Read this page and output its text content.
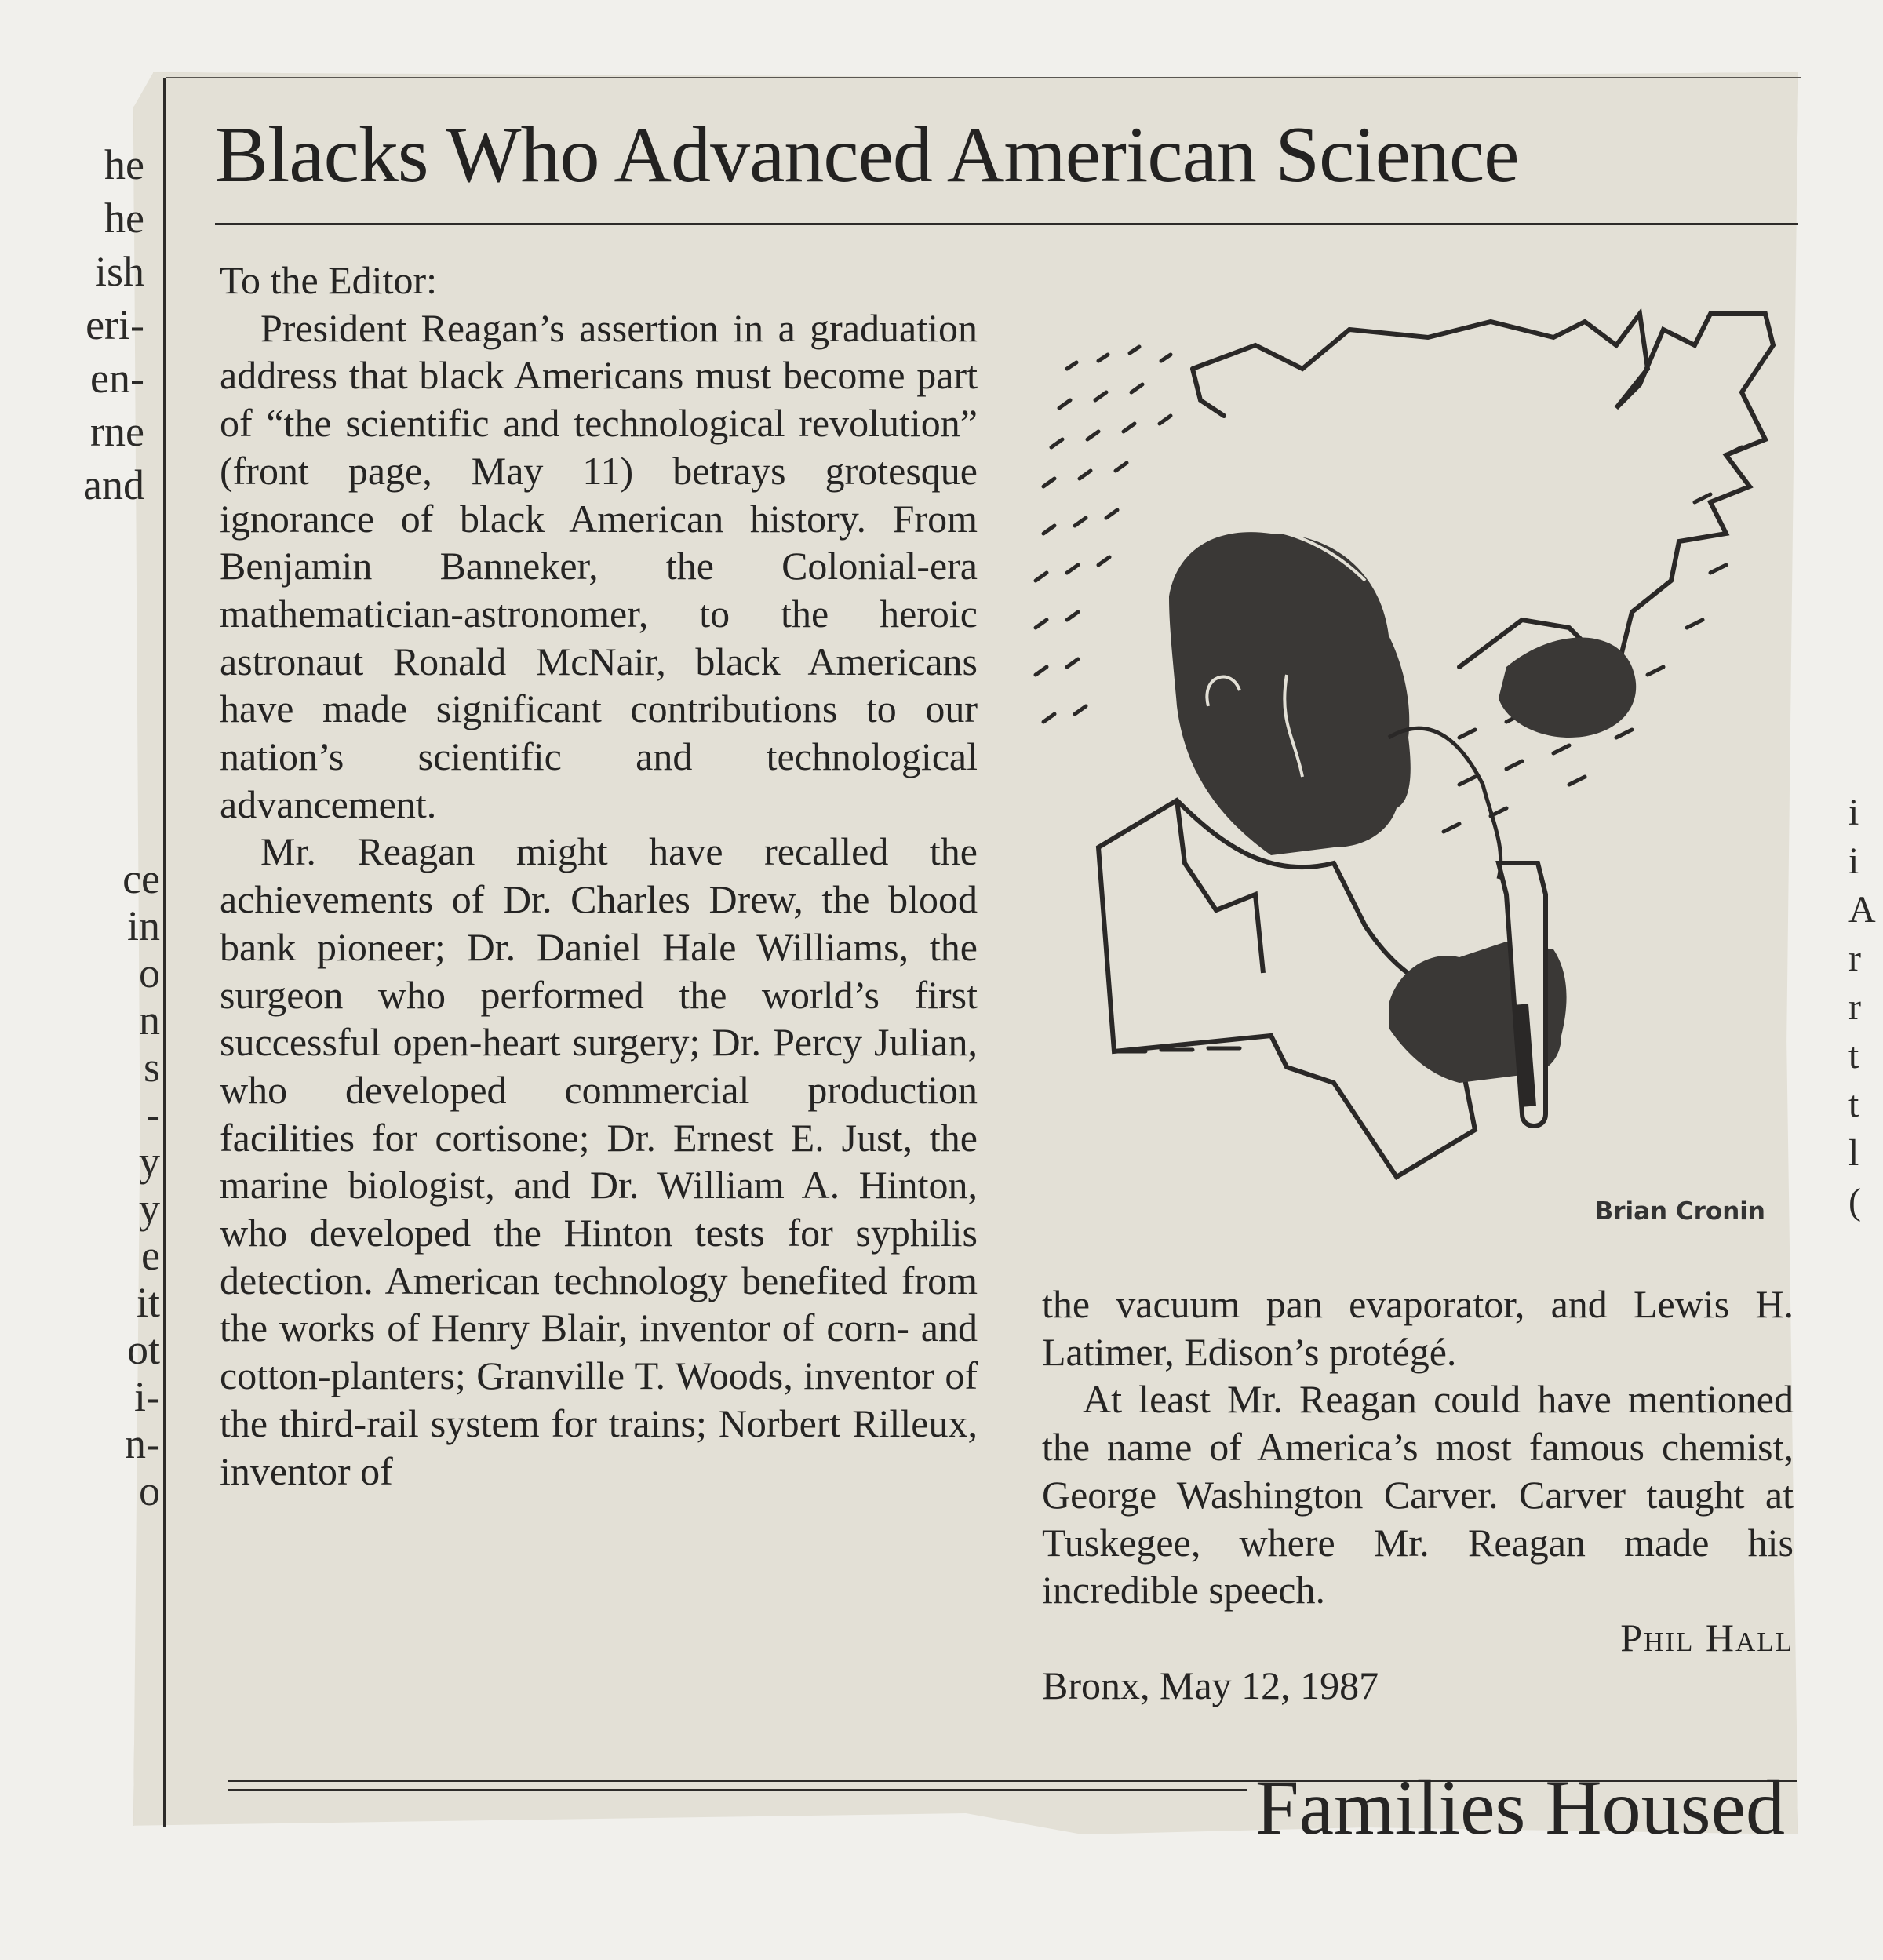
he
he
ish
eri-
en-
rne
and
ce
in
o
n
s
-
y
y
e
it
ot
i-
n-
o
i
i
A
r
r
t
t
l
(
Blacks Who Advanced American Science

To the Editor:

President Reagan’s assertion in a graduation address that black Americans must become part of “the scientific and technological revolution” (front page, May 11) betrays grotesque ignorance of black American history. From Benjamin Banneker, the Colonial-era mathematician-astronomer, to the heroic astronaut Ronald McNair, black Americans have made significant contributions to our nation’s scientific and technological advancement.

Mr. Reagan might have recalled the achievements of Dr. Charles Drew, the blood bank pioneer; Dr. Daniel Hale Williams, the surgeon who performed the world’s first successful open-heart surgery; Dr. Percy Julian, who developed commercial production facilities for cortisone; Dr. Ernest E. Just, the marine biologist, and Dr. William A. Hinton, who developed the Hinton tests for syphilis detection. American technology benefited from the works of Henry Blair, inventor of corn- and cotton-planters; Granville T. Woods, inventor of the third-rail system for trains; Norbert Rilleux, inventor of

Brian Cronin

the vacuum pan evaporator, and Lewis H. Latimer, Edison’s protégé.

At least Mr. Reagan could have mentioned the name of America’s most famous chemist, George Washington Carver. Carver taught at Tuskegee, where Mr. Reagan made his incredible speech.

Phil Hall

Bronx, May 12, 1987

Families Housed
